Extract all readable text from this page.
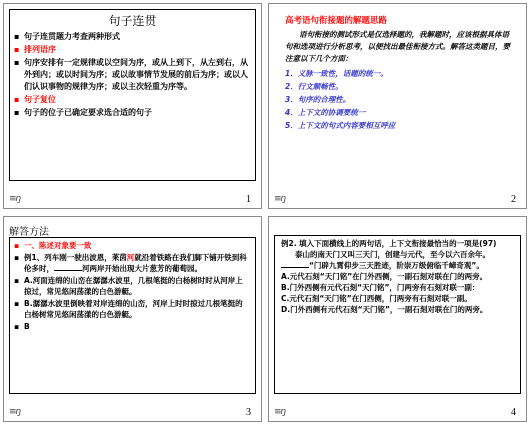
句子连贯
▪ 句子连贯题力考查两种形式
▪ 排列语序
▪ 句序安排有一定规律或以空间为序，或从上到下，从左到右，从外到内；或以时间为序；或以故事情节发展的前后为序；或以人们认识事物的规律为序；或以主次轻重为序等。
▪ 句子复位
▪ 句子的位子已确定要求选合适的句子
≡ŋ	1
高考语句衔接题的解题思路
语句衔接的测试形式是仅选择题的，我解题时，应该根据具体语句和选项进行分析思考，以便找出最佳衔接方式。解答这类题目，要注意以下几个方面：
1．义脉一致性，话题的统一。
2．行文顺畅性。
3．句序的合理性。
4．上下文的协调要统一
5．上下文的句式内容要相互呼应
≡ŋ	2
解答方法
▪ 一、陈述对象要一致
▪ 例1、列车刚一驶出波恩，莱茵河就沿着铁路在我们脚下铺开铁到科伦多时，	河两岸开始出现大片葱芳的葡萄园。
▪ A.河面连绵的山峦在潺潺水波里，几根笔挺的白杨树时时从河岸上掠过，常见悠闲荡漾的白色游艇。
▪ B.潺潺水波里倒映着对岸连绵的山峦，河岸上时时掠过几根笔挺的白杨树常见悠闲荡漾的白色游艇。
▪ B
≡ŋ	3

例2. 填入下面横线上的两句话，上下文衔接最恰当的一项是(97)

泰山的南天门又叫三天门，创建与元代，至今以六百余年。“门辟九霄仰步三天胜迹，阶崇万级俯临千嶂奇观”。

A.元代石刻“天门铭”在门外西侧，一副石刻对联在门的两旁。

B.门外西侧有元代石刻“天门铭”，门两旁有石刻对联一副：

C.元代石刻“天门铭”在门西侧，门两旁有石刻对联一副。

D.门外西侧有元代石刻“天门铭”，一副石刻对联在门的两旁。

≡ŋ	4
